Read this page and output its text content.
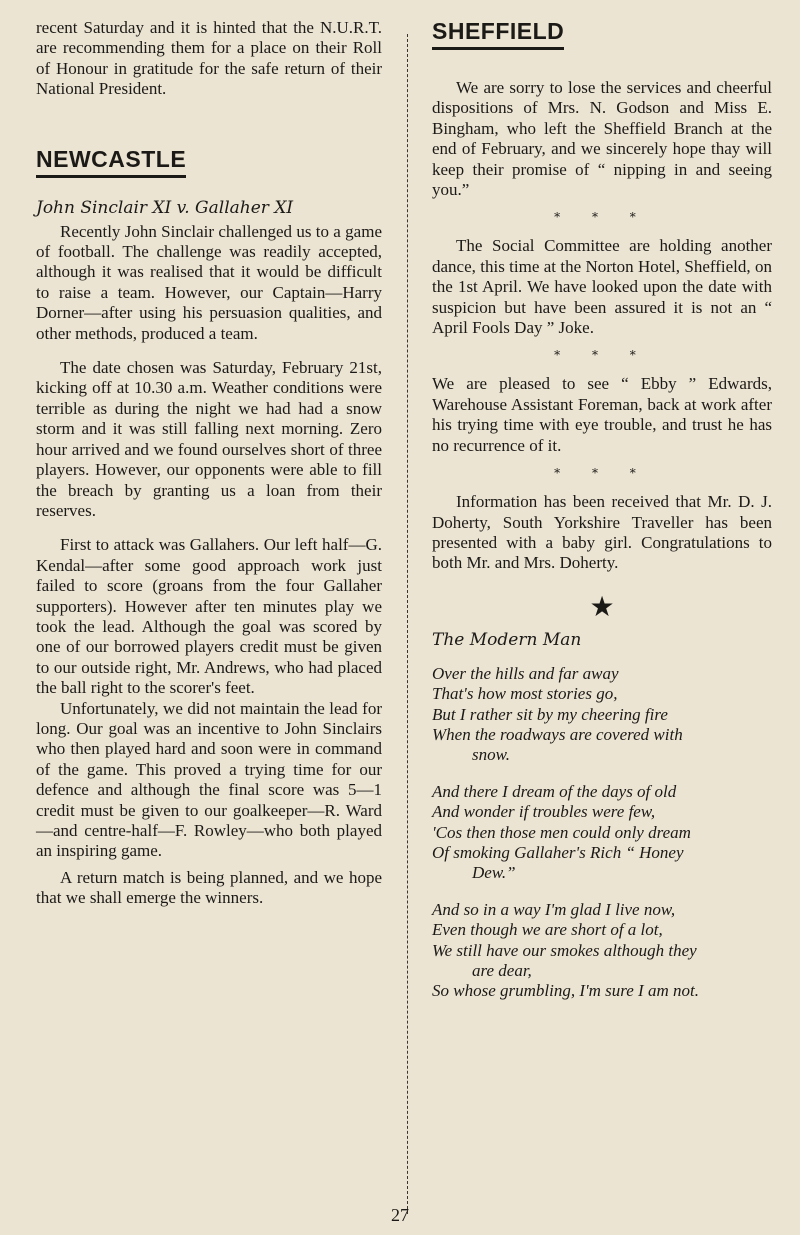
recent Saturday and it is hinted that the N.U.R.T. are recommending them for a place on their Roll of Honour in gratitude for the safe return of their National President.

NEWCASTLE
John Sinclair XI v. Gallaher XI

Recently John Sinclair challenged us to a game of football. The challenge was readily accepted, although it was realised that it would be difficult to raise a team. However, our Captain—Harry Dorner—after using his persuasion qualities, and other methods, produced a team.

The date chosen was Saturday, February 21st, kicking off at 10.30 a.m. Weather conditions were terrible as during the night we had had a snow storm and it was still falling next morning. Zero hour arrived and we found ourselves short of three players. However, our opponents were able to fill the breach by granting us a loan from their reserves.

First to attack was Gallahers. Our left half—G. Kendal—after some good approach work just failed to score (groans from the four Gallaher supporters). However after ten minutes play we took the lead. Although the goal was scored by one of our borrowed players credit must be given to our outside right, Mr. Andrews, who had placed the ball right to the scorer's feet.

Unfortunately, we did not maintain the lead for long. Our goal was an incentive to John Sinclairs who then played hard and soon were in command of the game. This proved a trying time for our defence and although the final score was 5—1 credit must be given to our goalkeeper—R. Ward—and centre-half—F. Rowley—who both played an inspiring game.

A return match is being planned, and we hope that we shall emerge the winners.

SHEFFIELD

We are sorry to lose the services and cheerful dispositions of Mrs. N. Godson and Miss E. Bingham, who left the Sheffield Branch at the end of February, and we sincerely hope thay will keep their promise of “ nipping in and seeing you.”

* * *

The Social Committee are holding another dance, this time at the Norton Hotel, Sheffield, on the 1st April. We have looked upon the date with suspicion but have been assured it is not an “ April Fools Day ” Joke.

* * *

We are pleased to see “ Ebby ” Edwards, Warehouse Assistant Foreman, back at work after his trying time with eye trouble, and trust he has no recurrence of it.

* * *

Information has been received that Mr. D. J. Doherty, South Yorkshire Traveller has been presented with a baby girl. Congratulations to both Mr. and Mrs. Doherty.

★
The Modern Man

Over the hills and far away

That's how most stories go,

But I rather sit by my cheering fire

When the roadways are covered with

snow.

And there I dream of the days of old

And wonder if troubles were few,

'Cos then those men could only dream

Of smoking Gallaher's Rich “ Honey

Dew.”

And so in a way I'm glad I live now,

Even though we are short of a lot,

We still have our smokes although they

are dear,

So whose grumbling, I'm sure I am not.

27
